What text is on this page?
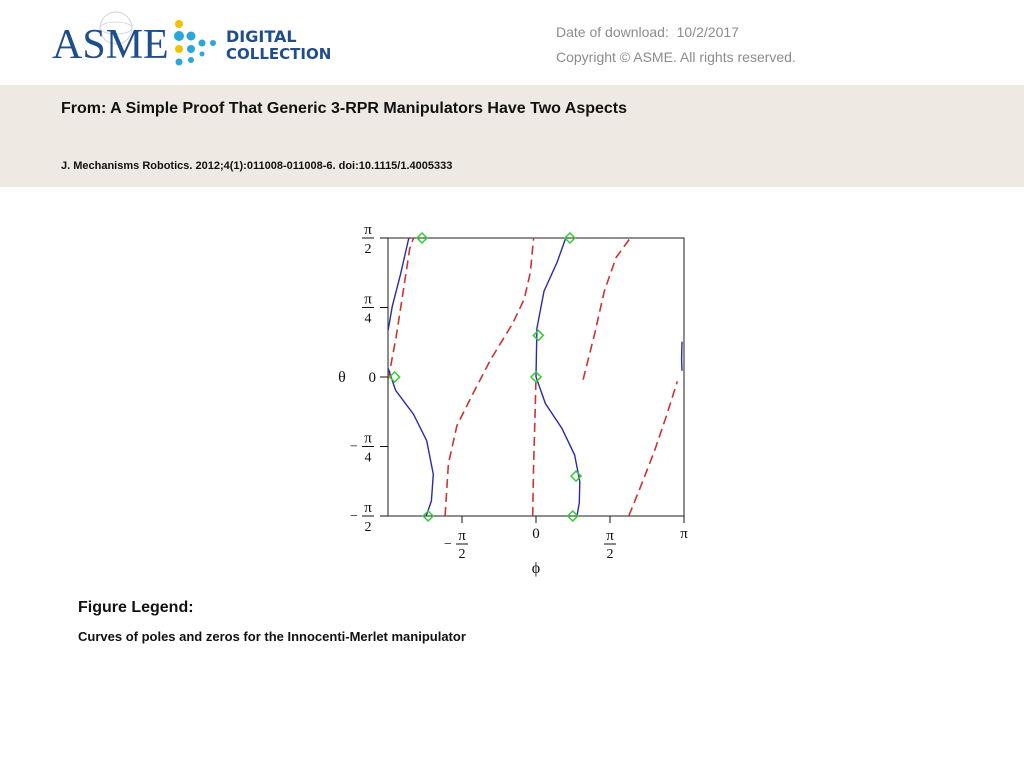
ASME	DIGITAL
COLLECTION
Date of download: 10/2/2017
Copyright © ASME. All rights reserved.
From: A Simple Proof That Generic 3-RPR Manipulators Have Two Aspects
J. Mechanisms Robotics. 2012;4(1):011008-011008-6. doi:10.1115/1.4005333
π
2
π
4
0
−
π
4
−
π
2
−
π
2
0	π
2
π
θ
ϕ
Figure Legend:
Curves of poles and zeros for the Innocenti-Merlet manipulator
